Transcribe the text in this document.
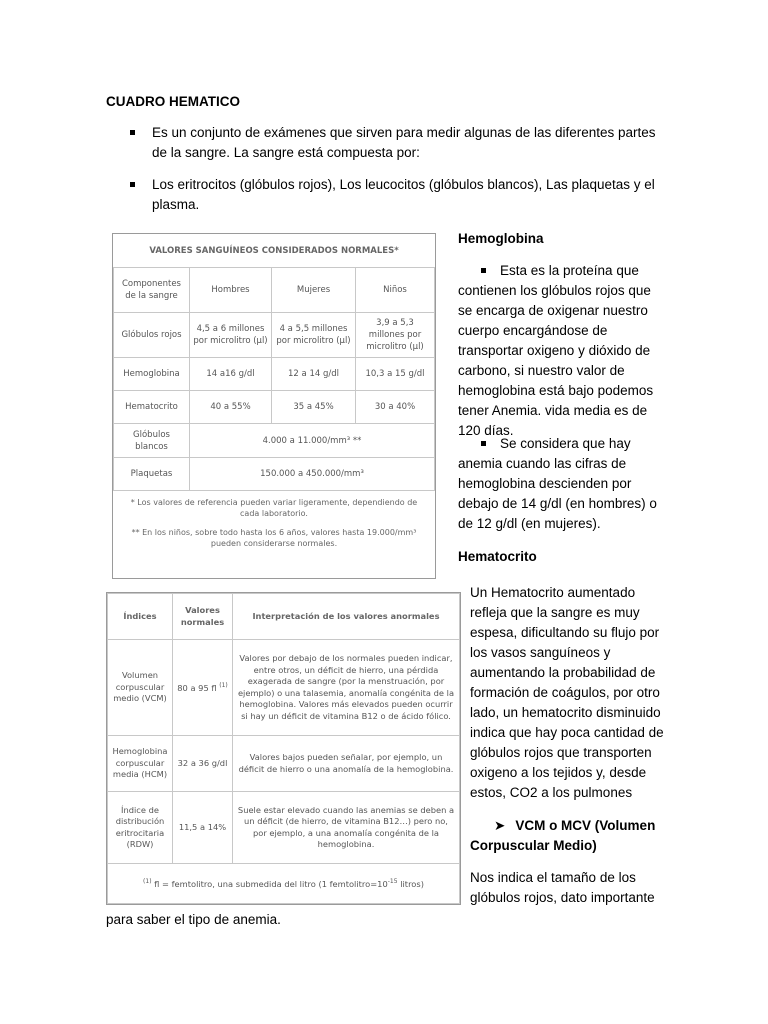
CUADRO HEMATICO
Es un conjunto de exámenes que sirven para medir algunas de las diferentes partes de la sangre. La sangre está compuesta por:
Los eritrocitos (glóbulos rojos), Los leucocitos (glóbulos blancos), Las plaquetas y el plasma.
VALORES SANGUÍNEOS CONSIDERADOS NORMALES*			
Componentes de la sangre	Hombres	Mujeres	Niños
Glóbulos rojos	4,5 a 6 millones por microlitro (µl)	4 a 5,5 millones por microlitro (µl)	3,9 a 5,3 millones por microlitro (µl)
Hemoglobina	14 a16 g/dl	12 a 14 g/dl	10,3 a 15 g/dl
Hematocrito	40 a 55%	35 a 45%	30 a 40%
Glóbulos blancos	4.000 a 11.000/mm³ **		
Plaquetas	150.000 a 450.000/mm³		
* Los valores de referencia pueden variar ligeramente, dependiendo de cada laboratorio.
** En los niños, sobre todo hasta los 6 años, valores hasta 19.000/mm³ pueden considerarse normales.
Hemoglobina
Esta es la proteína que contienen los glóbulos rojos que se encarga de oxigenar nuestro cuerpo encargándose de transportar oxigeno y dióxido de carbono, si nuestro valor de hemoglobina está bajo podemos tener Anemia. vida media es de 120 días.
Se considera que hay anemia cuando las cifras de hemoglobina descienden por debajo de 14 g/dl (en hombres) o de 12 g/dl (en mujeres).
Hematocrito
Un Hematocrito aumentado refleja que la sangre es muy espesa, dificultando su flujo por los vasos sanguíneos y aumentando la probabilidad de formación de coágulos, por otro lado, un hematocrito disminuido indica que hay poca cantidad de glóbulos rojos que transporten oxigeno a los tejidos y, desde estos, CO2 a los pulmones
➤ VCM o MCV (Volumen Corpuscular Medio)
Nos indica el tamaño de los glóbulos rojos, dato importante
Índices	Valores normales	Interpretación de los valores anormales
Volumen corpuscular medio (VCM)	80 a 95 fl $^{(1)}$	Valores por debajo de los normales pueden indicar, entre otros, un déficit de hierro, una pérdida exagerada de sangre (por la menstruación, por ejemplo) o una talasemia, anomalía congénita de la hemoglobina. Valores más elevados pueden ocurrir si hay un déficit de vitamina B12 o de ácido fólico.
Hemoglobina corpuscular media (HCM)	32 a 36 g/dl	Valores bajos pueden señalar, por ejemplo, un déficit de hierro o una anomalía de la hemoglobina.
Índice de distribución eritrocitaria (RDW)	11,5 a 14%	Suele estar elevado cuando las anemias se deben a un déficit (de hierro, de vitamina B12…) pero no, por ejemplo, a una anomalía congénita de la hemoglobina.
$^{(1)}$ fl = femtolitro, una submedida del litro (1 $femtolitro=10^{-15}$ litros)		
para saber el tipo de anemia.
